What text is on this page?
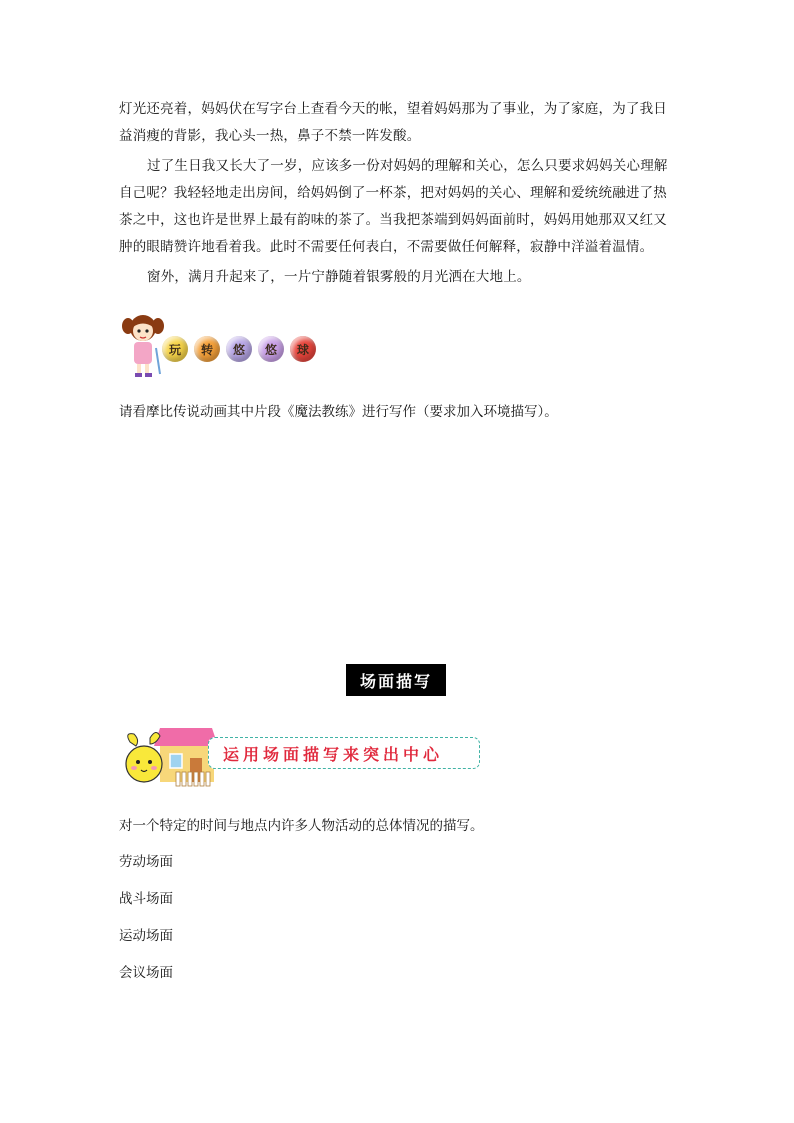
灯光还亮着，妈妈伏在写字台上查看今天的帐，望着妈妈那为了事业，为了家庭，为了我日益消瘦的背影，我心头一热，鼻子不禁一阵发酸。

过了生日我又长大了一岁，应该多一份对妈妈的理解和关心，怎么只要求妈妈关心理解自己呢？我轻轻地走出房间，给妈妈倒了一杯茶，把对妈妈的关心、理解和爱统统融进了热茶之中，这也许是世界上最有韵味的茶了。当我把茶端到妈妈面前时，妈妈用她那双又红又肿的眼睛赞许地看着我。此时不需要任何表白，不需要做任何解释，寂静中洋溢着温情。

窗外，满月升起来了，一片宁静随着银雾般的月光洒在大地上。

玩	转	悠	悠	球

请看摩比传说动画其中片段《魔法教练》进行写作（要求加入环境描写）。

场面描写
运用场面描写来突出中心

对一个特定的时间与地点内许多人物活动的总体情况的描写。

劳动场面

战斗场面

运动场面

会议场面
